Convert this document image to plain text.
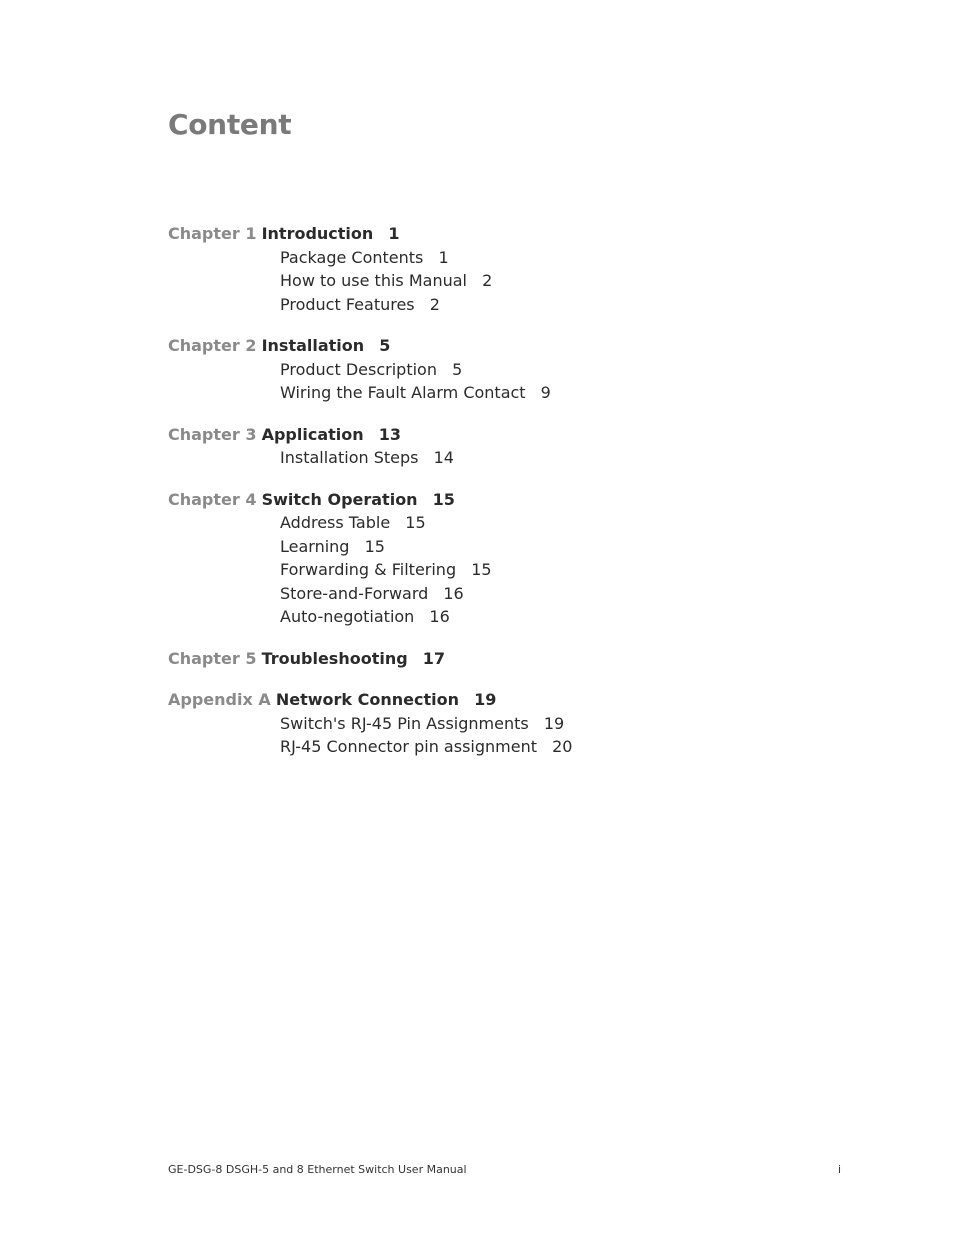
Content
Chapter 1 Introduction 1
Package Contents 1
How to use this Manual 2
Product Features 2
Chapter 2 Installation 5
Product Description 5
Wiring the Fault Alarm Contact 9
Chapter 3 Application 13
Installation Steps 14
Chapter 4 Switch Operation 15
Address Table 15
Learning 15
Forwarding & Filtering 15
Store-and-Forward 16
Auto-negotiation 16
Chapter 5 Troubleshooting 17
Appendix A Network Connection 19
Switch's RJ-45 Pin Assignments 19
RJ-45 Connector pin assignment 20
GE-DSG-8 DSGH-5 and 8 Ethernet Switch User Manual	i
